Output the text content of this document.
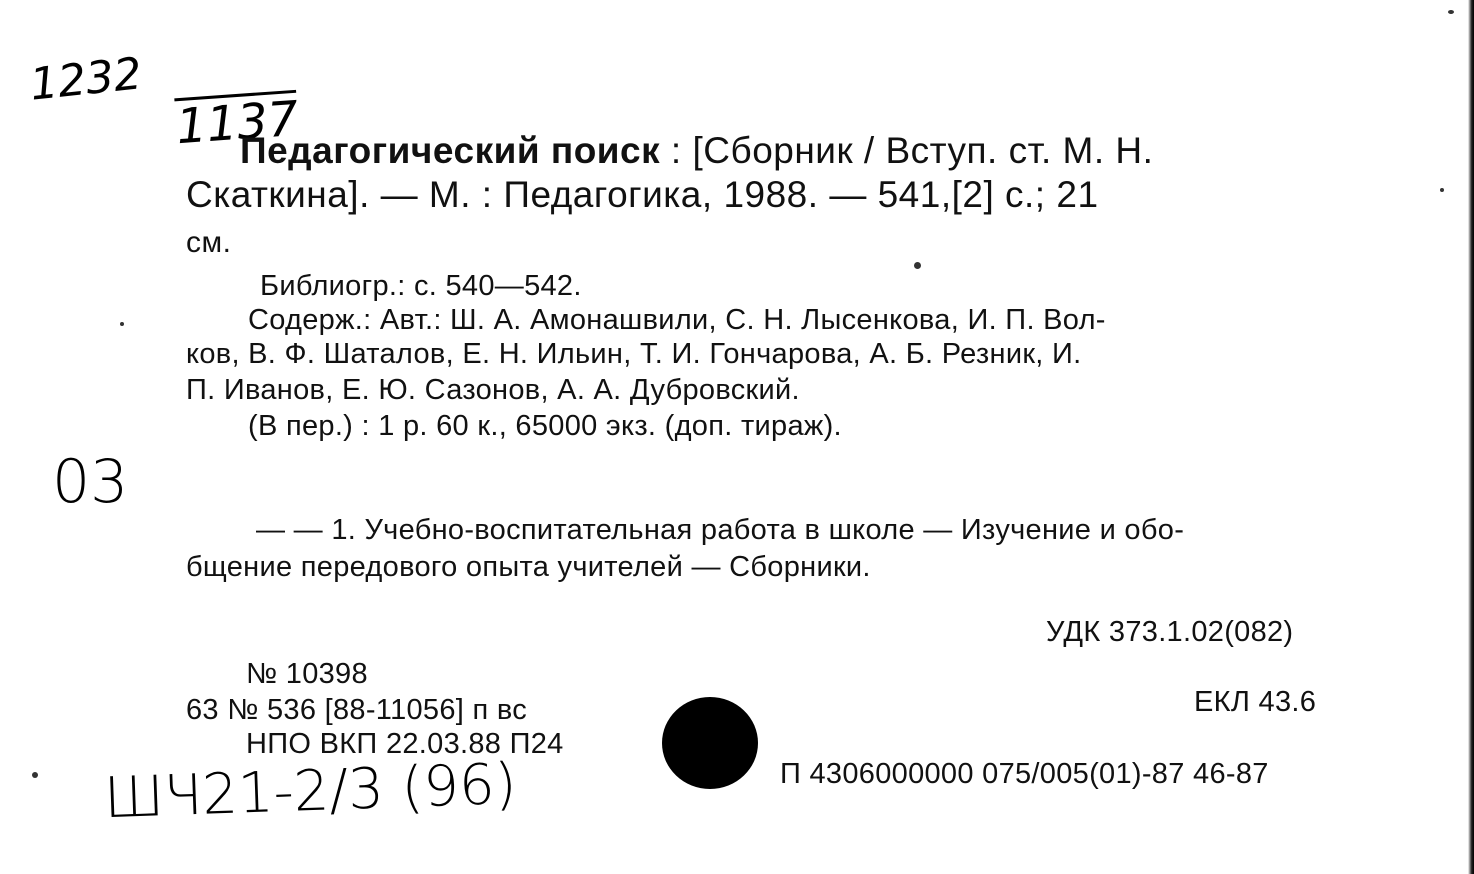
1232
1137
03
ШЧ21-2/3 (96)
Педагогический поиск : [Сборник / Вступ. ст. М. Н.
Скаткина]. — М. : Педагогика, 1988. — 541,[2] с.; 21
см.
Библиогр.: с. 540—542.
Содерж.: Авт.: Ш. А. Амонашвили, С. Н. Лысенкова, И. П. Вол-
ков, В. Ф. Шаталов, Е. Н. Ильин, Т. И. Гончарова, А. Б. Резник, И.
П. Иванов, Е. Ю. Сазонов, А. А. Дубровский.
(В пер.) : 1 р. 60 к., 65000 экз. (доп. тираж).
— — 1. Учебно-воспитательная работа в школе — Изучение и обо-
бщение передового опыта учителей — Сборники.
УДК 373.1.02(082)
№ 10398
ЕКЛ 43.6
63 № 536 [88-11056] п вс
НПО ВКП 22.03.88 П24
П 4306000000 075/005(01)-87 46-87
